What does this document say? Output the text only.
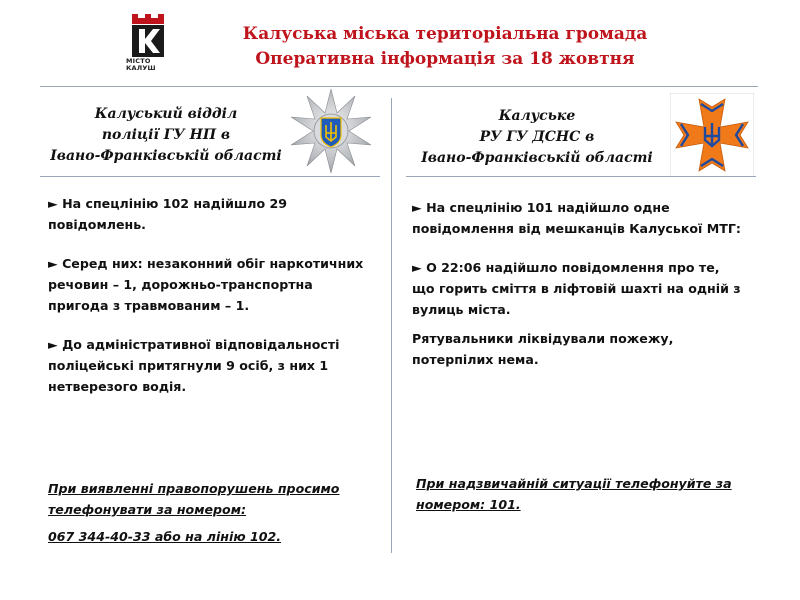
МІСТО
КАЛУШ
Калуська міська територіальна громада
Оперативна інформація за 18 жовтня
Калуський відділ
поліції ГУ НП в
Івано-Франківській області

► На спецлінію 102 надійшло 29 повідомлень.

► Серед них: незаконний обіг наркотичних речовин – 1, дорожньо-транспортна пригода з травмованим – 1.

► До адміністративної відповідальності поліцейські притягнули 9 осіб, з них 1 нетверезого водія.

При виявленні правопорушень просимо телефонувати за номером:

067 344-40-33 або на лінію 102.

Калуське
РУ ГУ ДСНС в
Івано-Франківській області

► На спецлінію 101 надійшло одне повідомлення від мешканців Калуської МТГ:

► О 22:06 надійшло повідомлення про те, що горить сміття в ліфтовій шахті на одній з вулиць міста.

Рятувальники ліквідували пожежу, потерпілих нема.

При надзвичайній ситуації телефонуйте за номером: 101.
